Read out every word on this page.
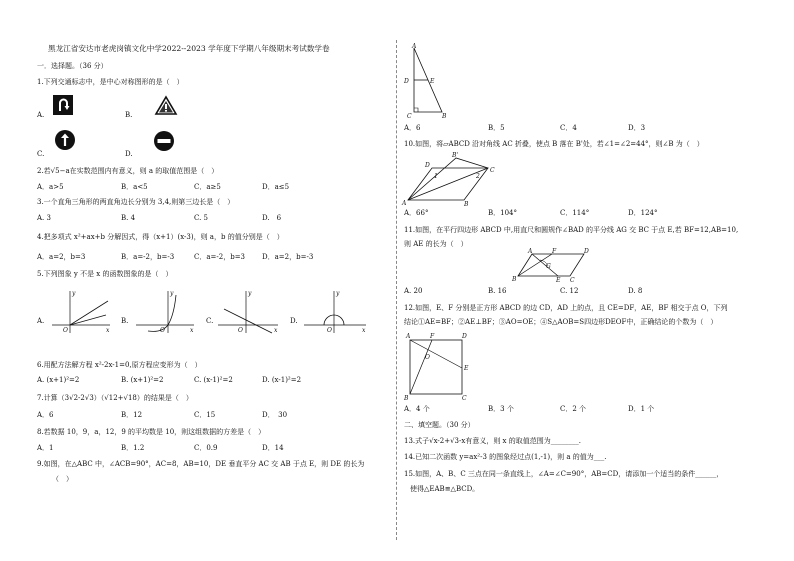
黑龙江省安达市老虎岗镇文化中学2022--2023 学年度下学期八年级期末考试数学卷
一．选择题。（36 分）
1.下列交通标志中，是中心对称图形的是（　）
A.	B.
C.	D.
2.若√5−a在实数范围内有意义，则 a 的取值范围是（　）
A．a>5	B．a<5	C．a≥5	D．a≤5
3.一个直角三角形的两直角边长分别为 3,4,则第三边长是（　）
A. 3	B. 4	C. 5	D.　6
4.把多项式 x²+ax+b 分解因式，得（x+1）(x-3)，则 a，b 的值分别是（　）
A．a=2，b=3	B．a=-2，b=-3	C．a=-2，b=3 D．a=2，b=-3
5.下列图象 y 不是 x 的函数图象的是（　）
A.	B.	C.	D.
y
x
O
y
x
O
y
x
O
y
x
O
6.用配方法解方程 x²-2x-1=0,原方程应变形为（　）
A. (x+1)²=2	B. (x+1)²=2	C. (x-1)²=2	D. (x-1)²=2
7.计算（3√2-2√3）（√12+√18）的结果是（　）
A．6	B．12	C．15	D．　30
8.若数据 10，9，a，12，9 的平均数是 10，则这组数据的方差是（　）
A．1	B．1.2	C．0.9	D．14
9.如图，在△ABC 中，∠ACB=90°，AC=8，AB=10，DE 垂直平分 AC 交 AB 于点 E，则 DE 的长为
（　）
A
D	E
C	B
A．6	B．5	C．4	D．3
10.如图，将▱ABCD 沿对角线 AC 折叠，使点 B 落在 B'处，若∠1=∠2=44°，则∠B 为（　）
B'
D
C
A	B
1	2
A．66°	B．104°	C．114°	D．124°
11.如图，在平行四边形 ABCD 中,用直尺和圆规作∠BAD 的平分线 AG 交 BC 于点 E,若 BF=12,AB=10,
则 AE 的长为（　）
A	D
F
B	E C
G
A. 20	B. 16	C. 12	D. 8
12.如图，E、F 分别是正方形 ABCD 的边 CD，AD 上的点，且 CE=DF，AE，BF 相交于点 O，下列
结论①AE=BF；②AE⊥BF；③AO=OE；④S△AOB=S四边形DEOF中，正确结论的个数为（　）
A	F	D
O
E
B	C
A．4 个	B．3 个	C．2 个	D．1 个
二、填空题。（30 分）
13.式子√x-2+√3-x有意义，则 x 的取值范围为________.
14.已知二次函数 y=ax²-3 的图象经过点(1,-1)，则 a 的值为___.
15.如图，A、B、C 三点在同一条直线上，∠A=∠C=90°，AB=CD，请添加一个适当的条件______，
使得△EAB≌△BCD。
